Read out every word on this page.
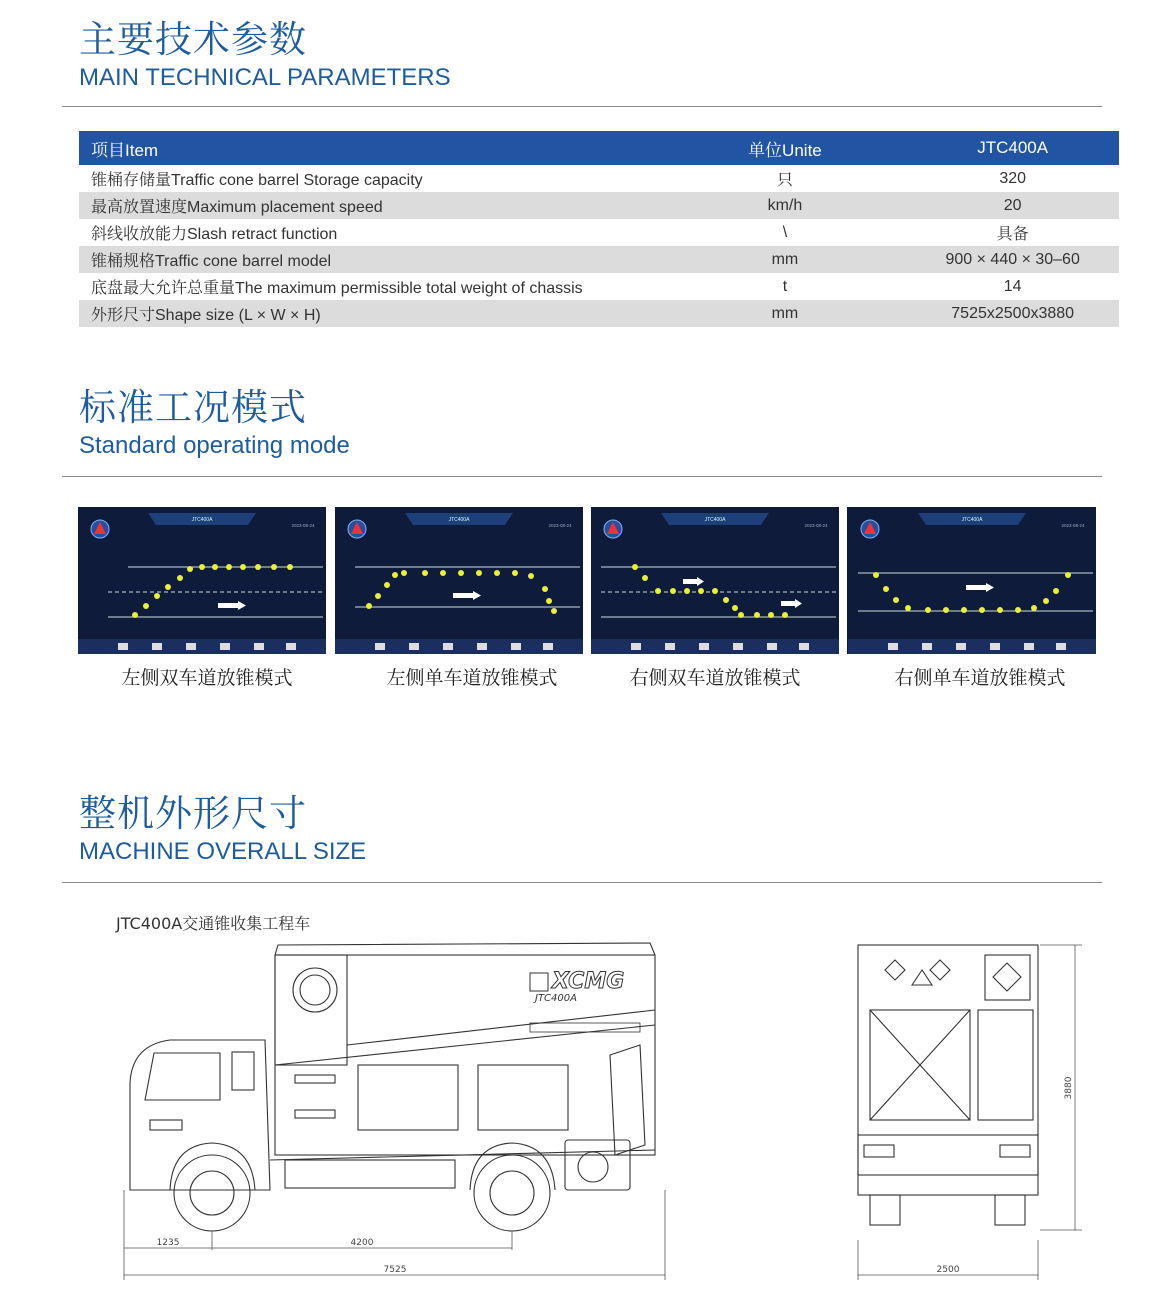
主要技术参数
MAIN TECHNICAL PARAMETERS
项目Item	单位Unite	JTC400A
锥桶存储量Traffic cone barrel Storage capacity	只	320
最高放置速度Maximum placement speed	km/h	20
斜线收放能力Slash retract function	\	具备
锥桶规格Traffic cone barrel model	mm	900 × 440 × 30–60
底盘最大允许总重量The maximum permissible total weight of chassis	t	14
外形尺寸Shape size (L × W × H)	mm	7525x2500x3880
标准工况模式
Standard operating mode
JTC400A
2023-08-24
JTC400A
2023-08-24
JTC400A
2023-08-24
JTC400A
2023-08-24
左侧双车道放锥模式	左侧单车道放锥模式	右侧双车道放锥模式	右侧单车道放锥模式
整机外形尺寸
MACHINE OVERALL SIZE
JTC400A交通锥收集工程车
XCMG
JTC400A
1235	4200
7525	2500
3880
